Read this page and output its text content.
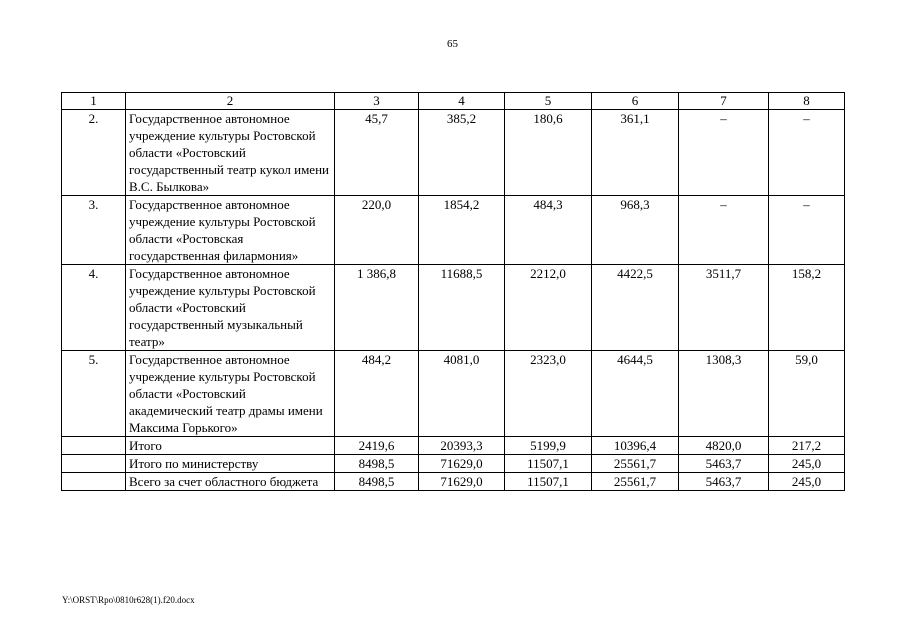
65
1	2	3	4	5	6	7	8
2.	Государственное автономное учреждение культуры Ростовской области «Ростовский государственный театр кукол имени В.С. Былкова»	45,7	385,2	180,6	361,1	–	–
3.	Государственное автономное учреждение культуры Ростовской области «Ростовская государственная филармония»	220,0	1854,2	484,3	968,3	–	–
4.	Государственное автономное учреждение культуры Ростовской области «Ростовский государственный музыкальный театр»	1 386,8	11688,5	2212,0	4422,5	3511,7	158,2
5.	Государственное автономное учреждение культуры Ростовской области «Ростовский академический театр драмы имени Максима Горького»	484,2	4081,0	2323,0	4644,5	1308,3	59,0
	Итого	2419,6	20393,3	5199,9	10396,4	4820,0	217,2
	Итого по министерству	8498,5	71629,0	11507,1	25561,7	5463,7	245,0
	Всего за счет областного бюджета	8498,5	71629,0	11507,1	25561,7	5463,7	245,0
Y:\ORST\Rpo\0810r628(1).f20.docx
